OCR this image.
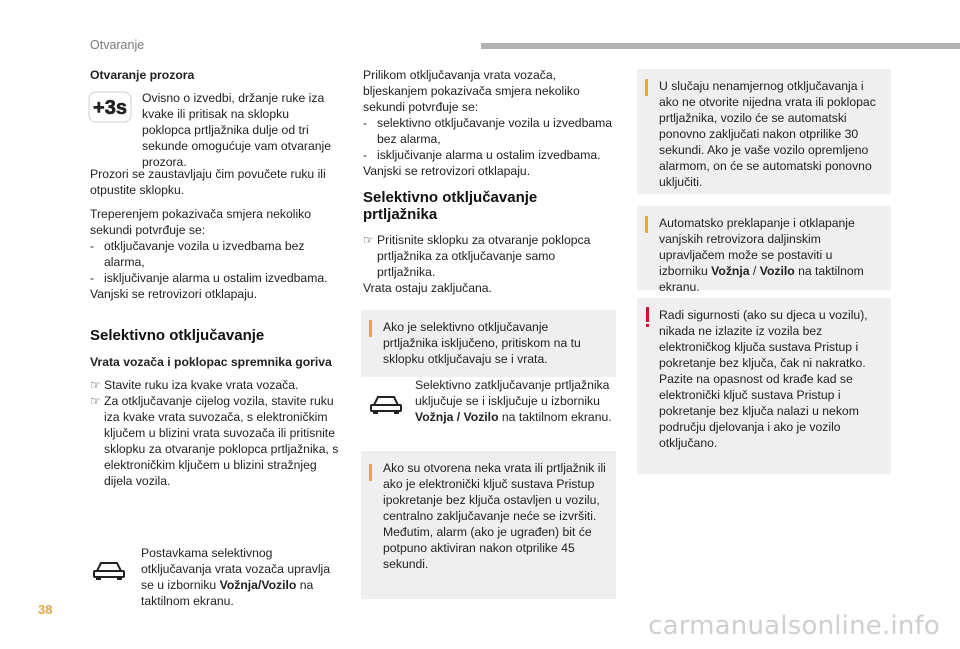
Otvaranje
Otvaranje prozora
+3s Ovisno o izvedbi, držanje ruke iza kvake ili pritisak na sklopku poklopca prtljažnika dulje od tri sekunde omogućuje vam otvaranje prozora.
Prozori se zaustavljaju čim povučete ruku ili otpustite sklopku.
Treperenjem pokazivača smjera nekoliko sekundi potvrđuje se:
- otključavanje vozila u izvedbama bez alarma,
- isključivanje alarma u ostalim izvedbama.
Vanjski se retrovizori otklapaju.
Selektivno otključavanje
Vrata vozača i poklopac spremnika goriva
☞ Stavite ruku iza kvake vrata vozača.
☞ Za otključavanje cijelog vozila, stavite ruku iza kvake vrata suvozača, s elektroničkim ključem u blizini vrata suvozača ili pritisnite sklopku za otvaranje poklopca prtljažnika, s elektroničkim ključem u blizini stražnjeg dijela vozila.
Postavkama selektivnog otključavanja vrata vozača upravlja se u izborniku Vožnja/Vozilo na taktilnom ekranu.
Prilikom otključavanja vrata vozača, bljeskanjem pokazivača smjera nekoliko sekundi potvrđuje se:
- selektivno otključavanje vozila u izvedbama bez alarma,
- isključivanje alarma u ostalim izvedbama.
Vanjski se retrovizori otklapaju.
Selektivno otključavanje
prtljažnika
☞ Pritisnite sklopku za otvaranje poklopca prtljažnika za otključavanje samo prtljažnika.
Vrata ostaju zaključana.
Ako je selektivno otključavanje prtljažnika isključeno, pritiskom na tu sklopku otključavaju se i vrata.
Selektivno zatključavanje prtljažnika uključuje se i isključuje u izborniku Vožnja / Vozilo na taktilnom ekranu.
Ako su otvorena neka vrata ili prtljažnik ili ako je elektronički ključ sustava Pristup ipokretanje bez ključa ostavljen u vozilu, centralno zaključavanje neće se izvršiti. Međutim, alarm (ako je ugrađen) bit će potpuno aktiviran nakon otprilike 45 sekundi.
U slučaju nenamjernog otključavanja i ako ne otvorite nijedna vrata ili poklopac prtljažnika, vozilo će se automatski ponovno zaključati nakon otprilike 30 sekundi. Ako je vaše vozilo opremljeno alarmom, on će se automatski ponovno uključiti.
Automatsko preklapanje i otklapanje vanjskih retrovizora daljinskim upravljačem može se postaviti u izborniku Vožnja / Vozilo na taktilnom ekranu.
Radi sigurnosti (ako su djeca u vozilu), nikada ne izlazite iz vozila bez elektroničkog ključa sustava Pristup i pokretanje bez ključa, čak ni nakratko. Pazite na opasnost od krađe kad se elektronički ključ sustava Pristup i pokretanje bez ključa nalazi u nekom području djelovanja i ako je vozilo otključano.
38
carmanualsonline.info
